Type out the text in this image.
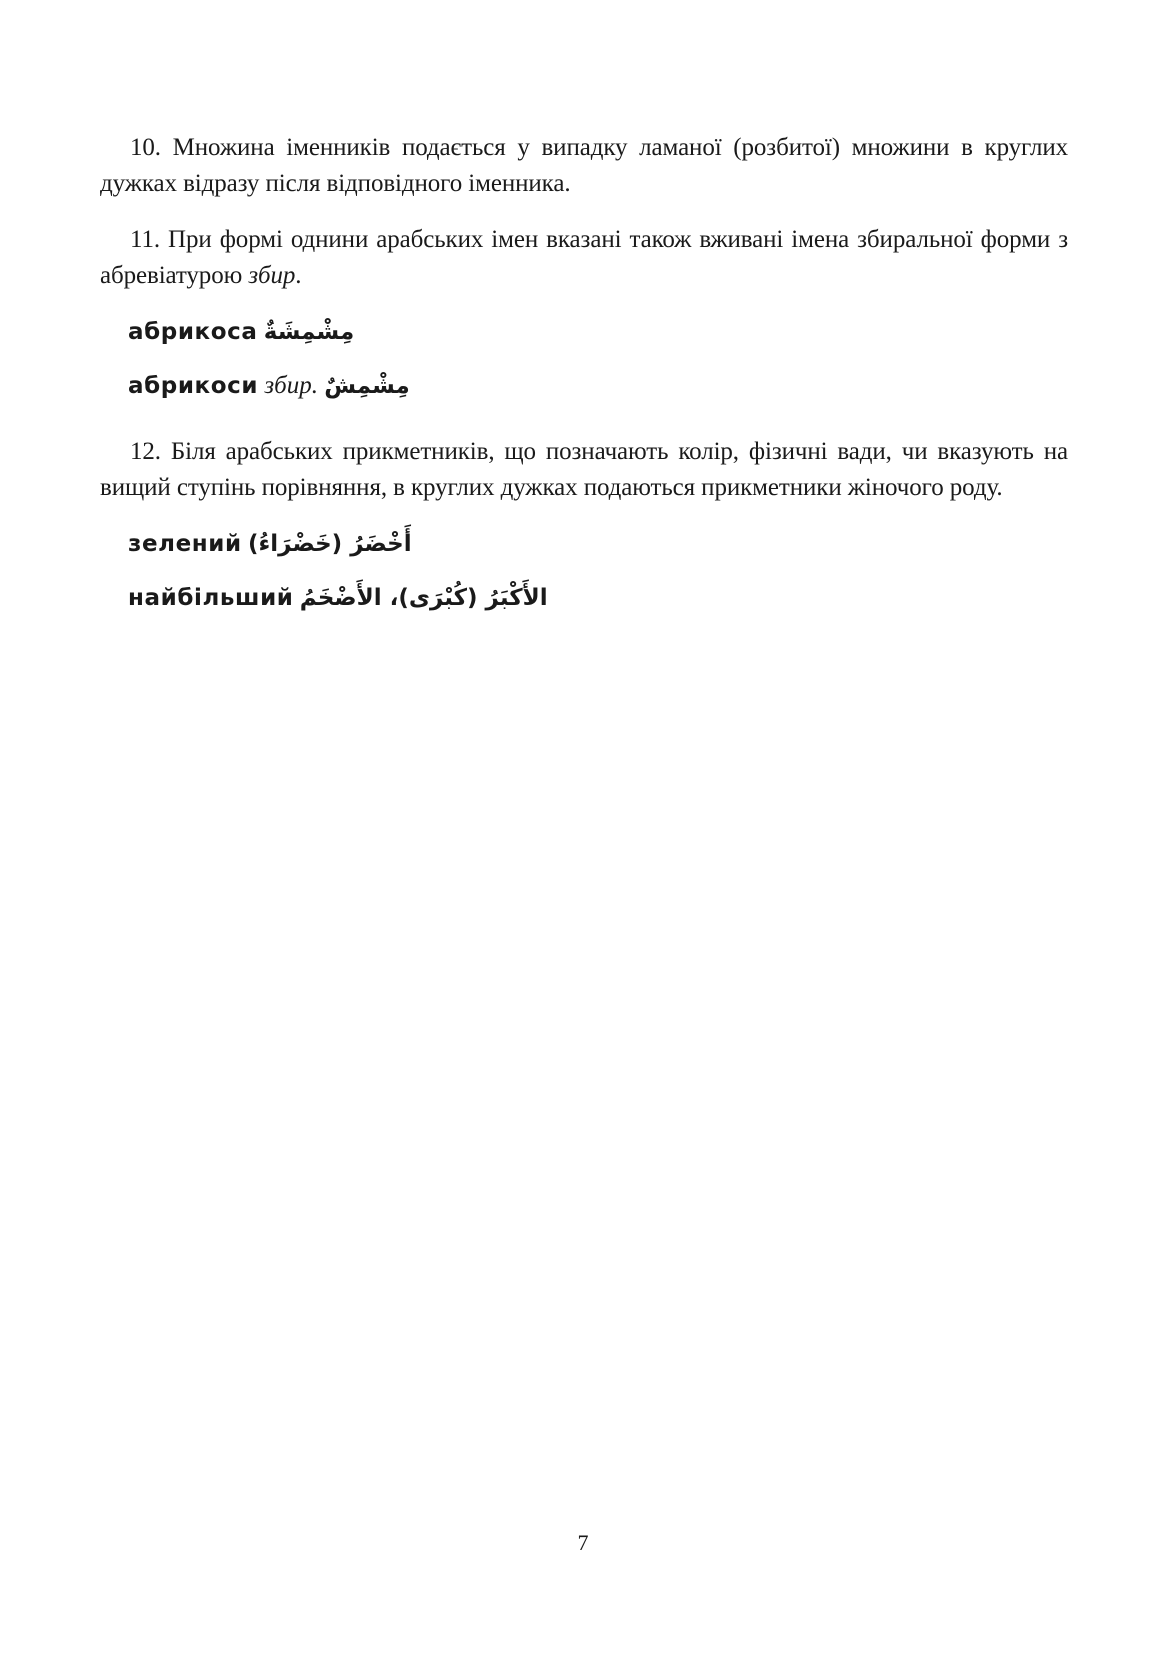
10. Множина іменників подається у випадку ламаної (розбитої) множини в круглих дужках відразу після відповідного іменника.

11. При формі однини арабських імен вказані також вживані імена збиральної форми з абревіатурою збир.

абрикоса مِشْمِشَةٌ
абрикоси збир. مِشْمِشٌ

12. Біля арабських прикметників, що позначають колір, фізичні вади, чи вказують на вищий ступінь порівняння, в круглих дужках подаються прикметники жіночого роду.

зелений أَخْضَرُ (خَضْرَاءُ)
найбільший الأَكْبَرُ (كُبْرَى)، الأَضْخَمُ
7
